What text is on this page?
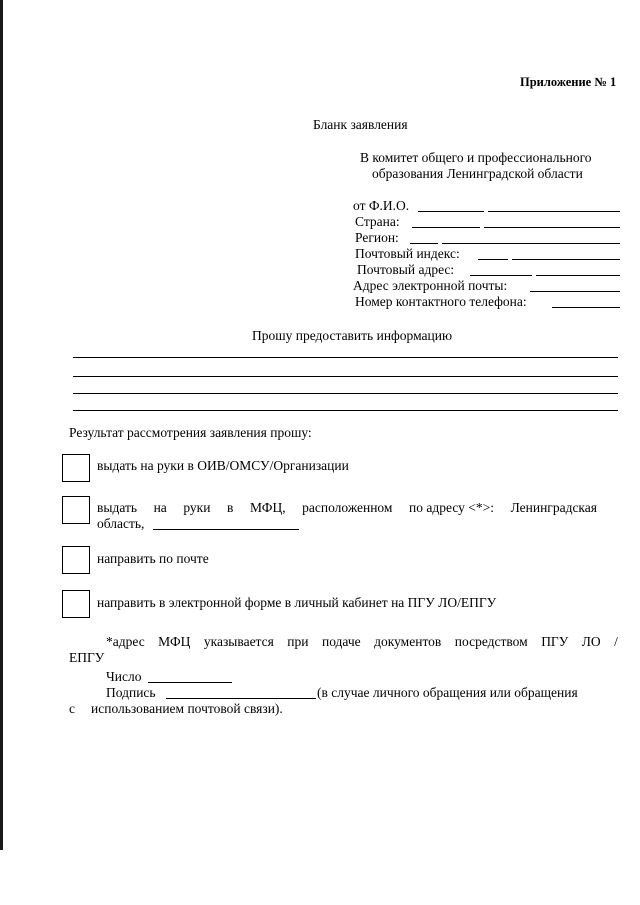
Приложение № 1
Бланк заявления
В комитет общего и профессионального
образования Ленинградской области
от Ф.И.О.
Страна:
Регион:
Почтовый индекс:
Почтовый адрес:
Адрес электронной почты:
Номер контактного телефона:
Прошу предоставить информацию
Результат рассмотрения заявления прошу:
выдать на руки в ОИВ/ОМСУ/Организации
выдать на руки в МФЦ, расположенном по адресу <*>: Ленинградская
область,
направить по почте
направить в электронной форме в личный кабинет на ПГУ ЛО/ЕПГУ
*адрес МФЦ указывается при подаче документов посредством ПГУ ЛО /
ЕПГУ
Число
Подпись	(в случае личного обращения или обращения
с использованием почтовой связи).
